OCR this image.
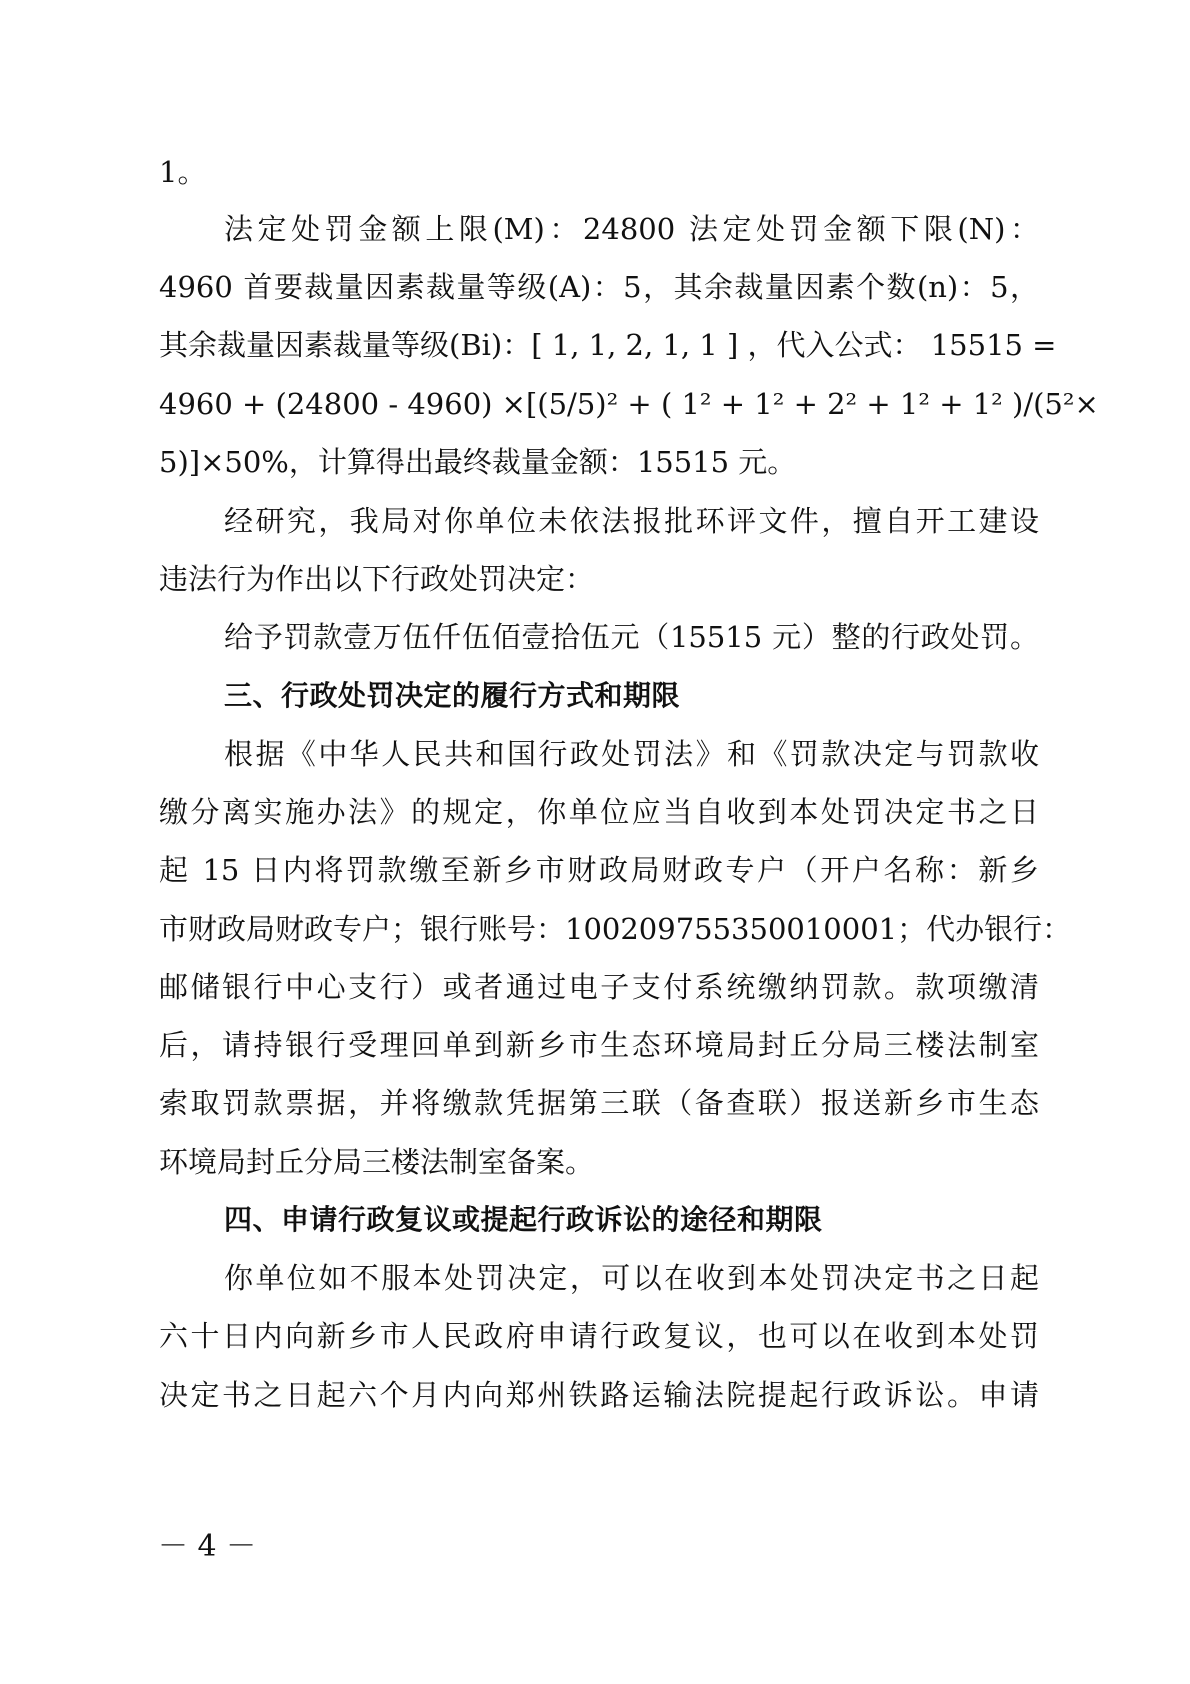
1。
法定处罚金额上限(M)：24800 法定处罚金额下限(N)：
4960 首要裁量因素裁量等级(A)：5，其余裁量因素个数(n)：5，
其余裁量因素裁量等级(Bi)：[ 1, 1, 2, 1, 1 ] ，代入公式： 15515 =
4960 + (24800 - 4960) ×[(5/5)² + ( 1² + 1² + 2² + 1² + 1² )/(5²×
5)]×50%，计算得出最终裁量金额：15515 元。
经研究，我局对你单位未依法报批环评文件，擅自开工建设
违法行为作出以下行政处罚决定：
给予罚款壹万伍仟伍佰壹拾伍元（15515 元）整的行政处罚。
三、行政处罚决定的履行方式和期限
根据《中华人民共和国行政处罚法》和《罚款决定与罚款收
缴分离实施办法》的规定，你单位应当自收到本处罚决定书之日
起 15 日内将罚款缴至新乡市财政局财政专户（开户名称：新乡
市财政局财政专户；银行账号：100209755350010001；代办银行：
邮储银行中心支行）或者通过电子支付系统缴纳罚款。款项缴清
后，请持银行受理回单到新乡市生态环境局封丘分局三楼法制室
索取罚款票据，并将缴款凭据第三联（备查联）报送新乡市生态
环境局封丘分局三楼法制室备案。
四、申请行政复议或提起行政诉讼的途径和期限
你单位如不服本处罚决定，可以在收到本处罚决定书之日起
六十日内向新乡市人民政府申请行政复议，也可以在收到本处罚
决定书之日起六个月内向郑州铁路运输法院提起行政诉讼。申请
－ 4 －
